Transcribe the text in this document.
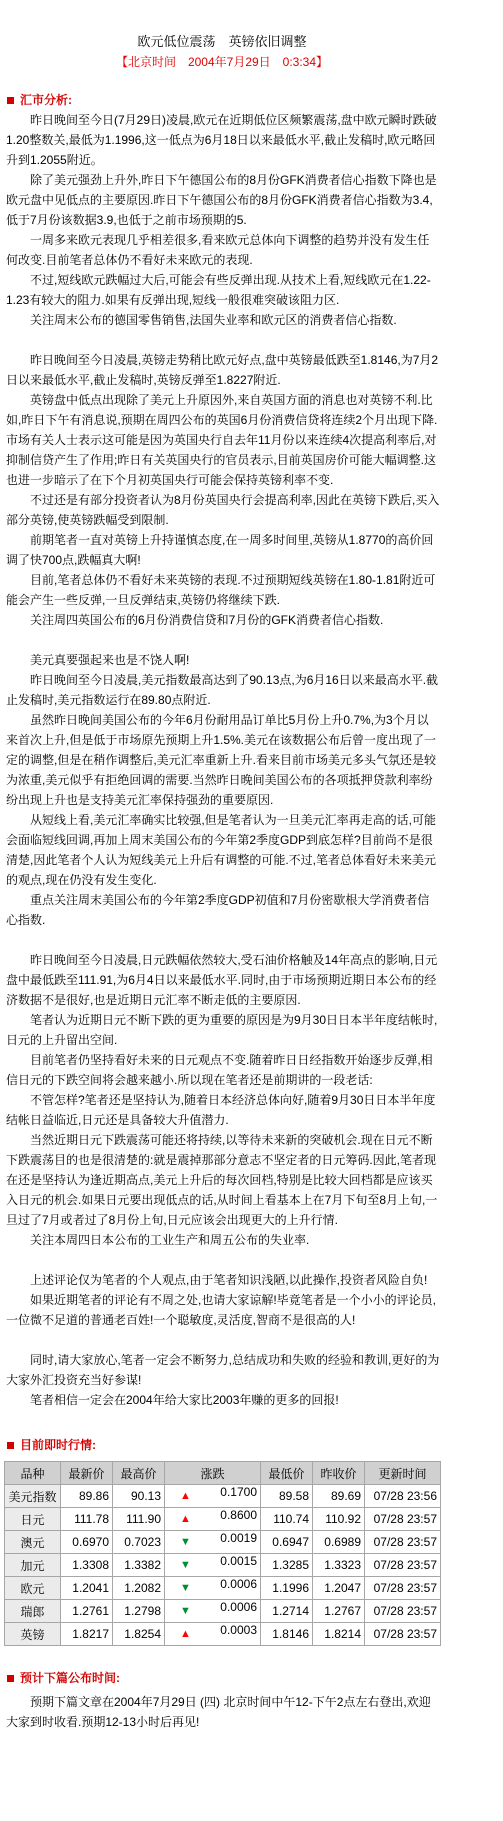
欧元低位震荡　英镑依旧调整
【北京时间　2004年7月29日　0:3:34】
汇市分析:

昨日晚间至今日(7月29日)凌晨,欧元在近期低位区频繁震荡,盘中欧元瞬时跌破1.20整数关,最低为1.1996,这一低点为6月18日以来最低水平,截止发稿时,欧元略回升到1.2055附近。

除了美元强劲上升外,昨日下午德国公布的8月份GFK消费者信心指数下降也是欧元盘中见低点的主要原因.昨日下午德国公布的8月份GFK消费者信心指数为3.4,低于7月份该数据3.9,也低于之前市场预期的5.

一周多来欧元表现几乎相差很多,看来欧元总体向下调整的趋势并没有发生任何改变.目前笔者总体仍不看好未来欧元的表现.

不过,短线欧元跌幅过大后,可能会有些反弹出现.从技术上看,短线欧元在1.22-1.23有较大的阻力.如果有反弹出现,短线一般很难突破该阻力区.

关注周末公布的德国零售销售,法国失业率和欧元区的消费者信心指数.

昨日晚间至今日凌晨,英镑走势稍比欧元好点,盘中英镑最低跌至1.8146,为7月2日以来最低水平,截止发稿时,英镑反弹至1.8227附近.

英镑盘中低点出现除了美元上升原因外,来自英国方面的消息也对英镑不利.比如,昨日下午有消息说,预期在周四公布的英国6月份消费信贷将连续2个月出现下降.市场有关人士表示这可能是因为英国央行自去年11月份以来连续4次提高利率后,对抑制信贷产生了作用;昨日有关英国央行的官员表示,目前英国房价可能大幅调整.这也进一步暗示了在下个月初英国央行可能会保持英镑利率不变.

不过还是有部分投资者认为8月份英国央行会提高利率,因此在英镑下跌后,买入部分英镑,使英镑跌幅受到限制.

前期笔者一直对英镑上升持谨慎态度,在一周多时间里,英镑从1.8770的高价回调了快700点,跌幅真大啊!

目前,笔者总体仍不看好未来英镑的表现.不过预期短线英镑在1.80-1.81附近可能会产生一些反弹,一旦反弹结束,英镑仍将继续下跌.

关注周四英国公布的6月份消费信贷和7月份的GFK消费者信心指数.

美元真要强起来也是不饶人啊!

昨日晚间至今日凌晨,美元指数最高达到了90.13点,为6月16日以来最高水平.截止发稿时,美元指数运行在89.80点附近.

虽然昨日晚间美国公布的今年6月份耐用品订单比5月份上升0.7%,为3个月以来首次上升,但是低于市场原先预期上升1.5%.美元在该数据公布后曾一度出现了一定的调整,但是在稍作调整后,美元汇率重新上升.看来目前市场美元多头气氛还是较为浓重,美元似乎有拒绝回调的需要.当然昨日晚间美国公布的各项抵押贷款利率纷纷出现上升也是支持美元汇率保持强劲的重要原因.

从短线上看,美元汇率确实比较强,但是笔者认为一旦美元汇率再走高的话,可能会面临短线回调,再加上周末美国公布的今年第2季度GDP到底怎样?目前尚不是很清楚,因此笔者个人认为短线美元上升后有调整的可能.不过,笔者总体看好未来美元的观点,现在仍没有发生变化.

重点关注周末美国公布的今年第2季度GDP初值和7月份密歇根大学消费者信心指数.

昨日晚间至今日凌晨,日元跌幅依然较大,受石油价格触及14年高点的影响,日元盘中最低跌至111.91,为6月4日以来最低水平.同时,由于市场预期近期日本公布的经济数据不是很好,也是近期日元汇率不断走低的主要原因.

笔者认为近期日元不断下跌的更为重要的原因是为9月30日日本半年度结帐时,日元的上升留出空间.

目前笔者仍坚持看好未来的日元观点不变.随着昨日日经指数开始逐步反弹,相信日元的下跌空间将会越来越小.所以现在笔者还是前期讲的一段老话:

不管怎样?笔者还是坚持认为,随着日本经济总体向好,随着9月30日日本半年度结帐日益临近,日元还是具备较大升值潜力.

当然近期日元下跌震荡可能还将持续,以等待未来新的突破机会.现在日元不断下跌震荡目的也是很清楚的:就是震掉那部分意志不坚定者的日元筹码.因此,笔者现在还是坚持认为逢近期高点,美元上升后的每次回档,特别是比较大回档都是应该买入日元的机会.如果日元要出现低点的话,从时间上看基本上在7月下旬至8月上旬,一旦过了7月或者过了8月份上旬,日元应该会出现更大的上升行情.

关注本周四日本公布的工业生产和周五公布的失业率.

上述评论仅为笔者的个人观点,由于笔者知识浅陋,以此操作,投资者风险自负!

如果近期笔者的评论有不周之处,也请大家谅解!毕竟笔者是一个小小的评论员,一位微不足道的普通老百姓!一个聪敏度,灵活度,智商不是很高的人!

同时,请大家放心,笔者一定会不断努力,总结成功和失败的经验和教训,更好的为大家外汇投资充当好参谋!

笔者相信一定会在2004年给大家比2003年赚的更多的回报!

目前即时行情:
品种	最新价	最高价	涨跌	最低价	昨收价	更新时间
美元指数	89.86	90.13	▲ 0.1700	89.58	89.69	07/28 23:56
日元	111.78	111.90	▲ 0.8600	110.74	110.92	07/28 23:57
澳元	0.6970	0.7023	▼ 0.0019	0.6947	0.6989	07/28 23:57
加元	1.3308	1.3382	▼ 0.0015	1.3285	1.3323	07/28 23:57
欧元	1.2041	1.2082	▼ 0.0006	1.1996	1.2047	07/28 23:57
瑞郎	1.2761	1.2798	▼ 0.0006	1.2714	1.2767	07/28 23:57
英镑	1.8217	1.8254	▲ 0.0003	1.8146	1.8214	07/28 23:57
预计下篇公布时间:

预期下篇文章在2004年7月29日 (四) 北京时间中午12-下午2点左右登出,欢迎大家到时收看.预期12-13小时后再见!
